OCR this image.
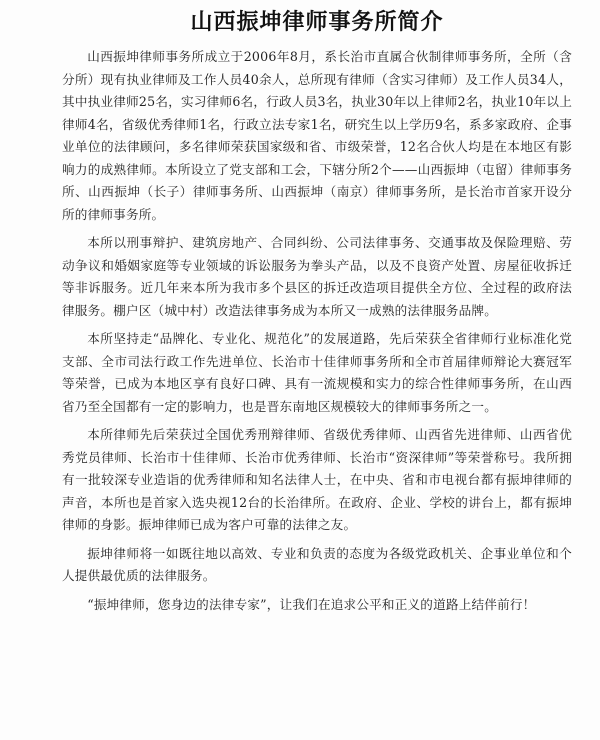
山西振坤律师事务所简介

山西振坤律师事务所成立于2006年8月，系长治市直属合伙制律师事务所，全所（含分所）现有执业律师及工作人员40余人，总所现有律师（含实习律师）及工作人员34人，其中执业律师25名，实习律师6名，行政人员3名，执业30年以上律师2名，执业10年以上律师4名，省级优秀律师1名，行政立法专家1名，研究生以上学历9名，系多家政府、企事业单位的法律顾问，多名律师荣获国家级和省、市级荣誉，12名合伙人均是在本地区有影响力的成熟律师。本所设立了党支部和工会，下辖分所2个——山西振坤（屯留）律师事务所、山西振坤（长子）律师事务所、山西振坤（南京）律师事务所，是长治市首家开设分所的律师事务所。

本所以刑事辩护、建筑房地产、合同纠纷、公司法律事务、交通事故及保险理赔、劳动争议和婚姻家庭等专业领域的诉讼服务为拳头产品，以及不良资产处置、房屋征收拆迁等非诉服务。近几年来本所为我市多个县区的拆迁改造项目提供全方位、全过程的政府法律服务。棚户区（城中村）改造法律事务成为本所又一成熟的法律服务品牌。

本所坚持走“品牌化、专业化、规范化”的发展道路，先后荣获全省律师行业标准化党支部、全市司法行政工作先进单位、长治市十佳律师事务所和全市首届律师辩论大赛冠军等荣誉，已成为本地区享有良好口碑、具有一流规模和实力的综合性律师事务所，在山西省乃至全国都有一定的影响力，也是晋东南地区规模较大的律师事务所之一。

本所律师先后荣获过全国优秀刑辩律师、省级优秀律师、山西省先进律师、山西省优秀党员律师、长治市十佳律师、长治市优秀律师、长治市“资深律师”等荣誉称号。我所拥有一批较深专业造诣的优秀律师和知名法律人士，在中央、省和市电视台都有振坤律师的声音，本所也是首家入选央视12台的长治律所。在政府、企业、学校的讲台上，都有振坤律师的身影。振坤律师已成为客户可靠的法律之友。

振坤律师将一如既往地以高效、专业和负责的态度为各级党政机关、企事业单位和个人提供最优质的法律服务。

“振坤律师，您身边的法律专家”，让我们在追求公平和正义的道路上结伴前行！
